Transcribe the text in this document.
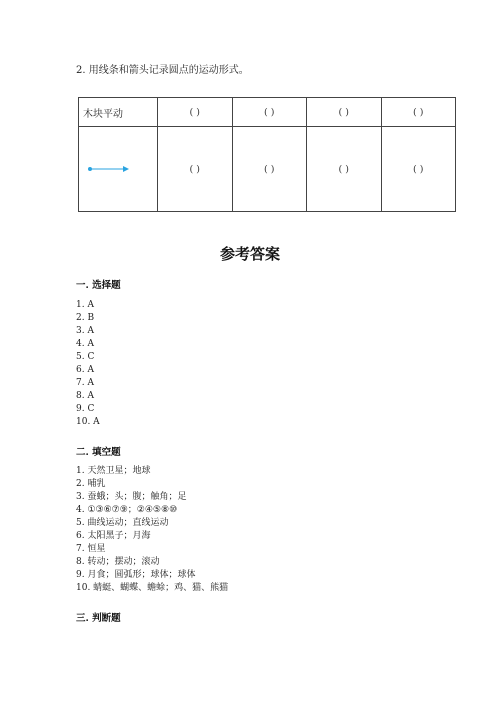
2. 用线条和箭头记录圆点的运动形式。
木块平动	( )	( )	( )	( )

	( )	( )	( )	( )
参考答案
一. 选择题
1. A
2. B
3. A
4. A
5. C
6. A
7. A
8. A
9. C
10. A
二. 填空题
1. 天然卫星；地球
2. 哺乳
3. 蚕蛾；头；腹；触角；足
4. ①③⑥⑦⑨；②④⑤⑧⑩
5. 曲线运动；直线运动
6. 太阳黑子；月海
7. 恒星
8. 转动；摆动；滚动
9. 月食；圆弧形；球体；球体
10. 蜻蜓、蝴蝶、蟾蜍；鸡、猫、熊猫
三. 判断题
